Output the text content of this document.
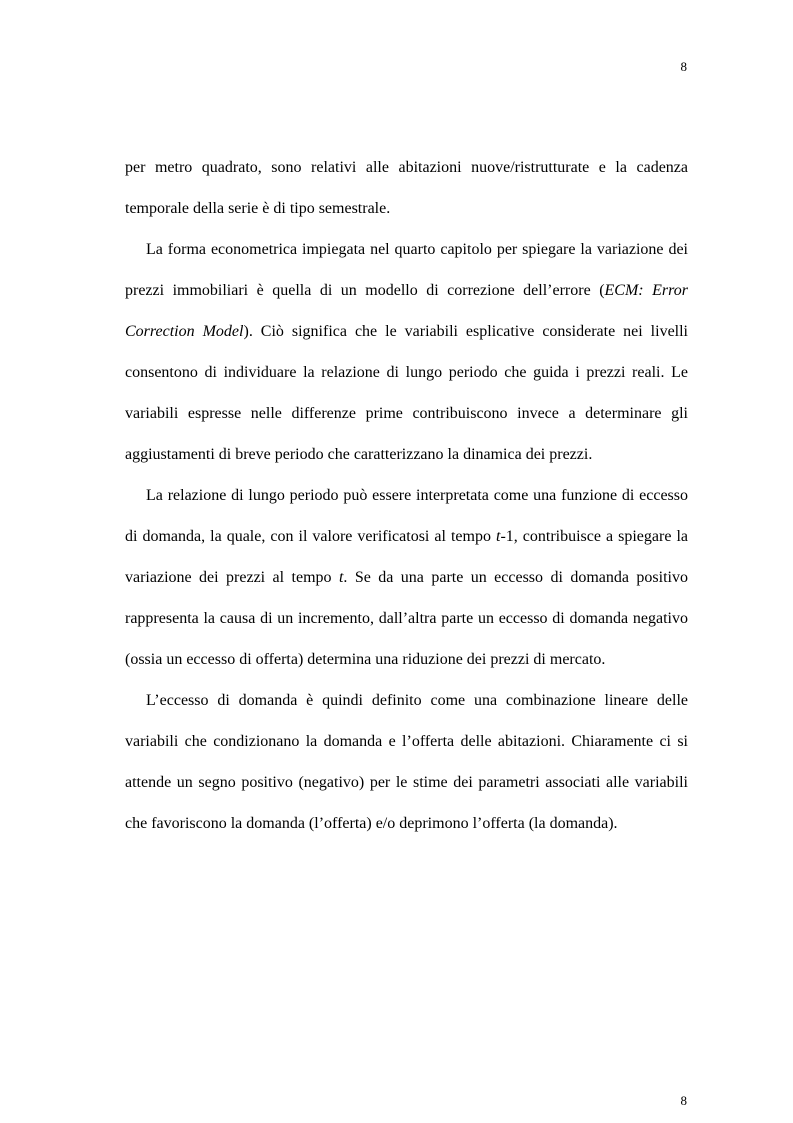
8

per metro quadrato, sono relativi alle abitazioni nuove/ristrutturate e la cadenza temporale della serie è di tipo semestrale.

La forma econometrica impiegata nel quarto capitolo per spiegare la variazione dei prezzi immobiliari è quella di un modello di correzione dell’errore (ECM: Error Correction Model). Ciò significa che le variabili esplicative considerate nei livelli consentono di individuare la relazione di lungo periodo che guida i prezzi reali. Le variabili espresse nelle differenze prime contribuiscono invece a determinare gli aggiustamenti di breve periodo che caratterizzano la dinamica dei prezzi.

La relazione di lungo periodo può essere interpretata come una funzione di eccesso di domanda, la quale, con il valore verificatosi al tempo t-1, contribuisce a spiegare la variazione dei prezzi al tempo t. Se da una parte un eccesso di domanda positivo rappresenta la causa di un incremento, dall’altra parte un eccesso di domanda negativo (ossia un eccesso di offerta) determina una riduzione dei prezzi di mercato.

L’eccesso di domanda è quindi definito come una combinazione lineare delle variabili che condizionano la domanda e l’offerta delle abitazioni. Chiaramente ci si attende un segno positivo (negativo) per le stime dei parametri associati alle variabili che favoriscono la domanda (l’offerta) e/o deprimono l’offerta (la domanda).

8
